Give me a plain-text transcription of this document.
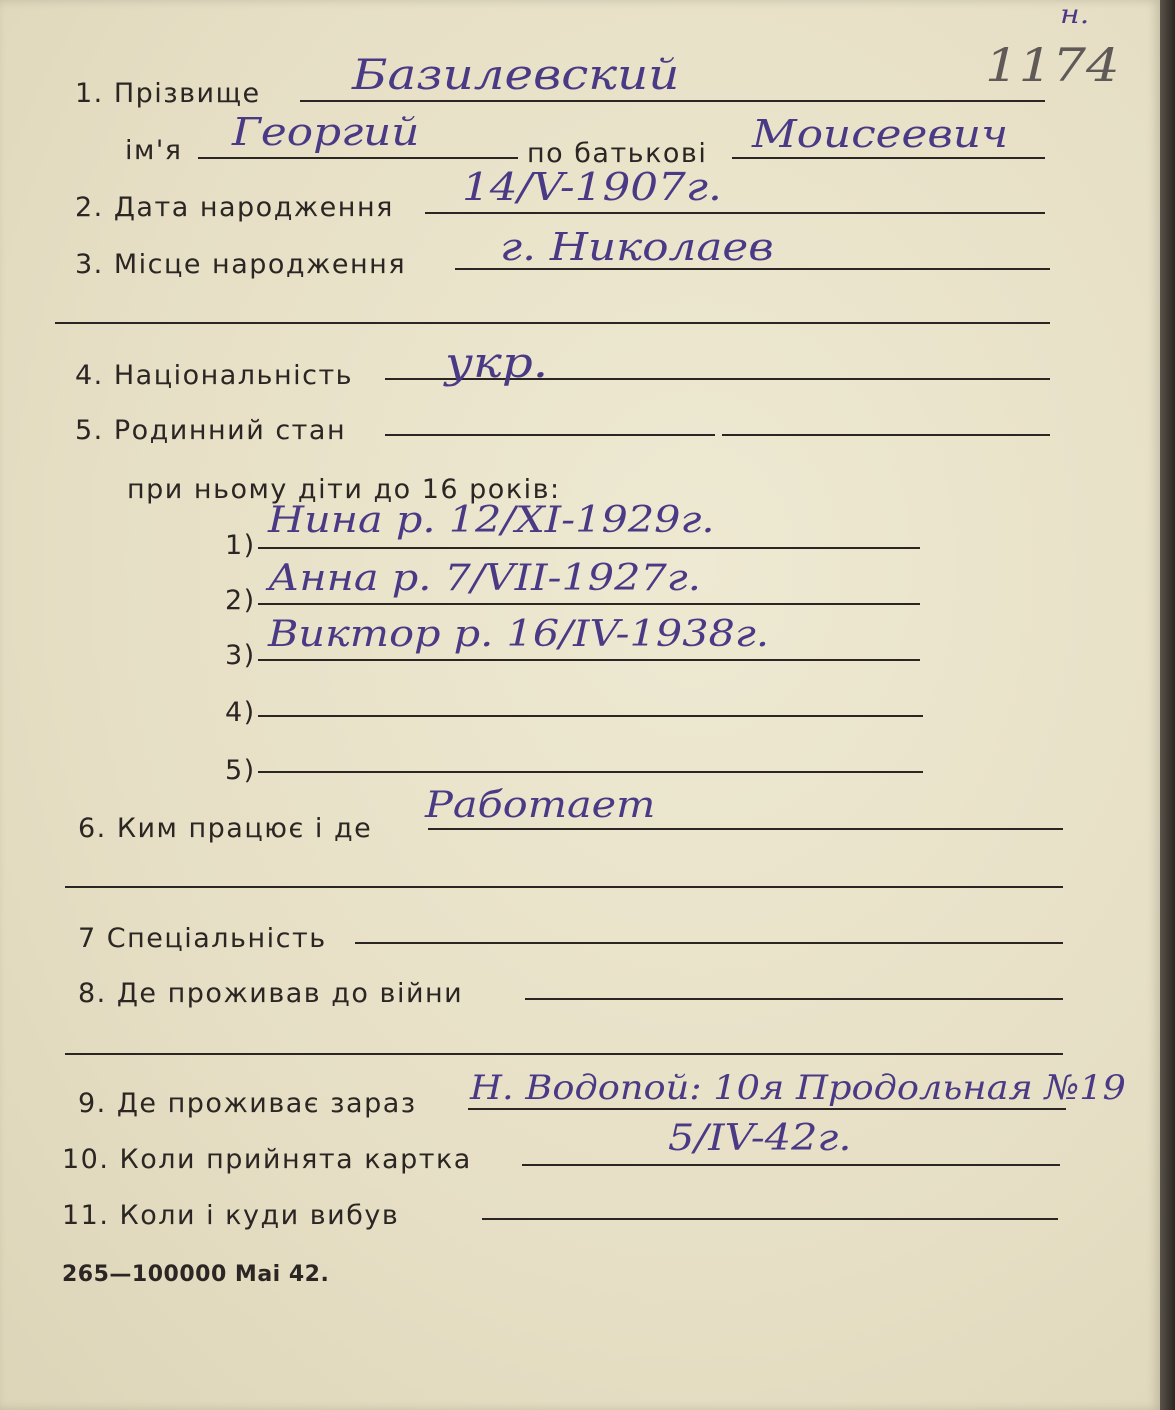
1. Прізвище
ім'я	по батькові
2. Дата народження
3. Місце народження
4. Національність
5. Родинний стан
при ньому діти до 16 років:
1)
2)
3)
4)
5)
6. Ким працює і де
7 Спеціальність
8. Де проживав до війни
9. Де проживає зараз
10. Коли прийнята картка
11. Коли і куди вибув
265—100000 Mai 42.
н.
1174
Базилевский
Георгий	Моисеевич
14/V-1907г.
г. Николаев
укр.
Нина р. 12/XI-1929г.
Анна р. 7/VII-1927г.
Виктор р. 16/IV-1938г.
Работает
Н. Водопой: 10я Продольная №19
5/IV-42г.
